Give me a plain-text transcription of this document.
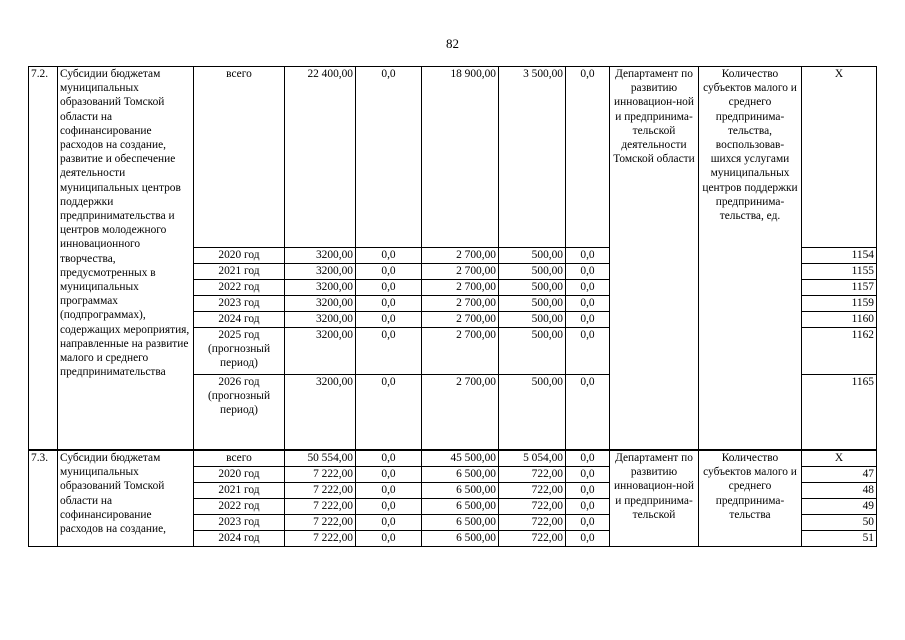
82
7.2.	Субсидии бюджетам муниципальных образований Томской области на софинансирование расходов на создание, развитие и обеспечение деятельности муниципальных центров поддержки предпринимательства и центров молодежного инновационного творчества, предусмотренных в муниципальных программах (подпрограммах), содержащих мероприятия, направленные на развитие малого и среднего предпринимательства	всего	22 400,00	0,0	18 900,00	3 500,00	0,0	Департамент по развитию инновацион-ной и предпринима-тельской деятельности Томской области	Количество субъектов малого и среднего предпринима-тельства, воспользовав-шихся услугами муниципальных центров поддержки предпринима-тельства, ед.	X
		2020 год	3200,00	0,0	2 700,00	500,00	0,0			1154
		2021 год	3200,00	0,0	2 700,00	500,00	0,0			1155
		2022 год	3200,00	0,0	2 700,00	500,00	0,0			1157
		2023 год	3200,00	0,0	2 700,00	500,00	0,0			1159
		2024 год	3200,00	0,0	2 700,00	500,00	0,0			1160
		2025 год (прогнозный период)	3200,00	0,0	2 700,00	500,00	0,0			1162
		2026 год (прогнозный период)	3200,00	0,0	2 700,00	500,00	0,0			1165
7.3.	Субсидии бюджетам муниципальных образований Томской области на софинансирование расходов на создание,	всего	50 554,00	0,0	45 500,00	5 054,00	0,0	Департамент по развитию инновацион-ной и предпринима-тельской	Количество субъектов малого и среднего предпринима-тельства	X
		2020 год	7 222,00	0,0	6 500,00	722,00	0,0			47
		2021 год	7 222,00	0,0	6 500,00	722,00	0,0			48
		2022 год	7 222,00	0,0	6 500,00	722,00	0,0			49
		2023 год	7 222,00	0,0	6 500,00	722,00	0,0			50
		2024 год	7 222,00	0,0	6 500,00	722,00	0,0			51
